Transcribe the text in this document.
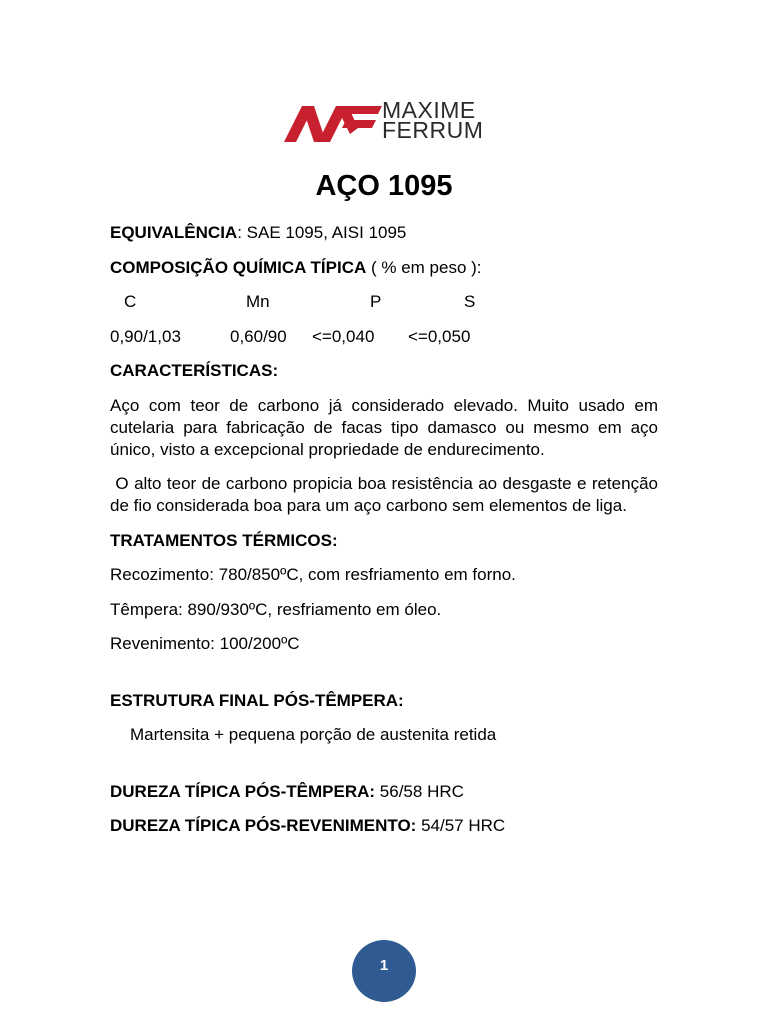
MAXIME
FERRUM
AÇO 1095

EQUIVALÊNCIA: SAE 1095, AISI 1095

COMPOSIÇÃO QUÍMICA TÍPICA ( % em peso ):

C	Mn	P	S
0,90/1,03	0,60/90	<=0,040	<=0,050

CARACTERÍSTICAS:

Aço com teor de carbono já considerado elevado. Muito usado em cutelaria para fabricação de facas tipo damasco ou mesmo em aço único, visto a excepcional propriedade de endurecimento.

O alto teor de carbono propicia boa resistência ao desgaste e retenção de fio considerada boa para um aço carbono sem elementos de liga.

TRATAMENTOS TÉRMICOS:

Recozimento: 780/850ºC, com resfriamento em forno.

Têmpera: 890/930ºC, resfriamento em óleo.

Revenimento: 100/200ºC

ESTRUTURA FINAL PÓS-TÊMPERA:

Martensita + pequena porção de austenita retida

DUREZA TÍPICA PÓS-TÊMPERA: 56/58 HRC

DUREZA TÍPICA PÓS-REVENIMENTO: 54/57 HRC

1
